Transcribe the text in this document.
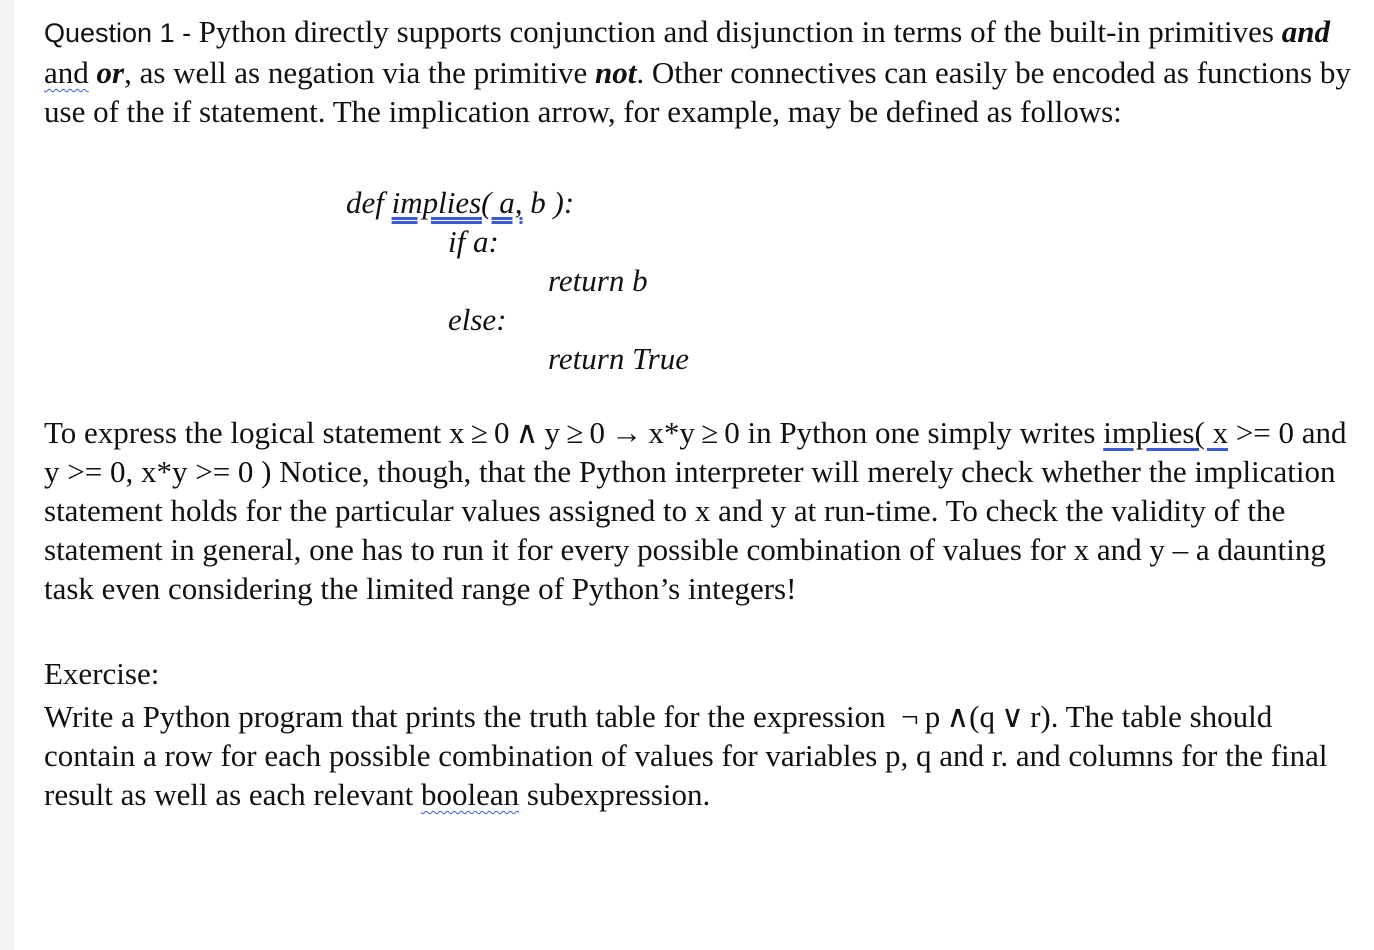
Question 1 - Python directly supports conjunction and disjunction in terms of the built-in primitives and and or, as well as negation via the primitive not. Other connectives can easily be encoded as functions by use of the if statement. The implication arrow, for example, may be defined as follows:

def implies( a, b ):
if a:
return b
else:
return True

To express the logical statement x ≥ 0 ∧ y ≥ 0 → x*y ≥ 0 in Python one simply writes implies( x >= 0 and y >= 0, x*y >= 0 ) Notice, though, that the Python interpreter will merely check whether the implication statement holds for the particular values assigned to x and y at run-time. To check the validity of the statement in general, one has to run it for every possible combination of values for x and y – a daunting task even considering the limited range of Python’s integers!

Exercise:

Write a Python program that prints the truth table for the expression  ¬ p ∧(q ∨ r). The table should contain a row for each possible combination of values for variables p, q and r. and columns for the final result as well as each relevant boolean subexpression.
